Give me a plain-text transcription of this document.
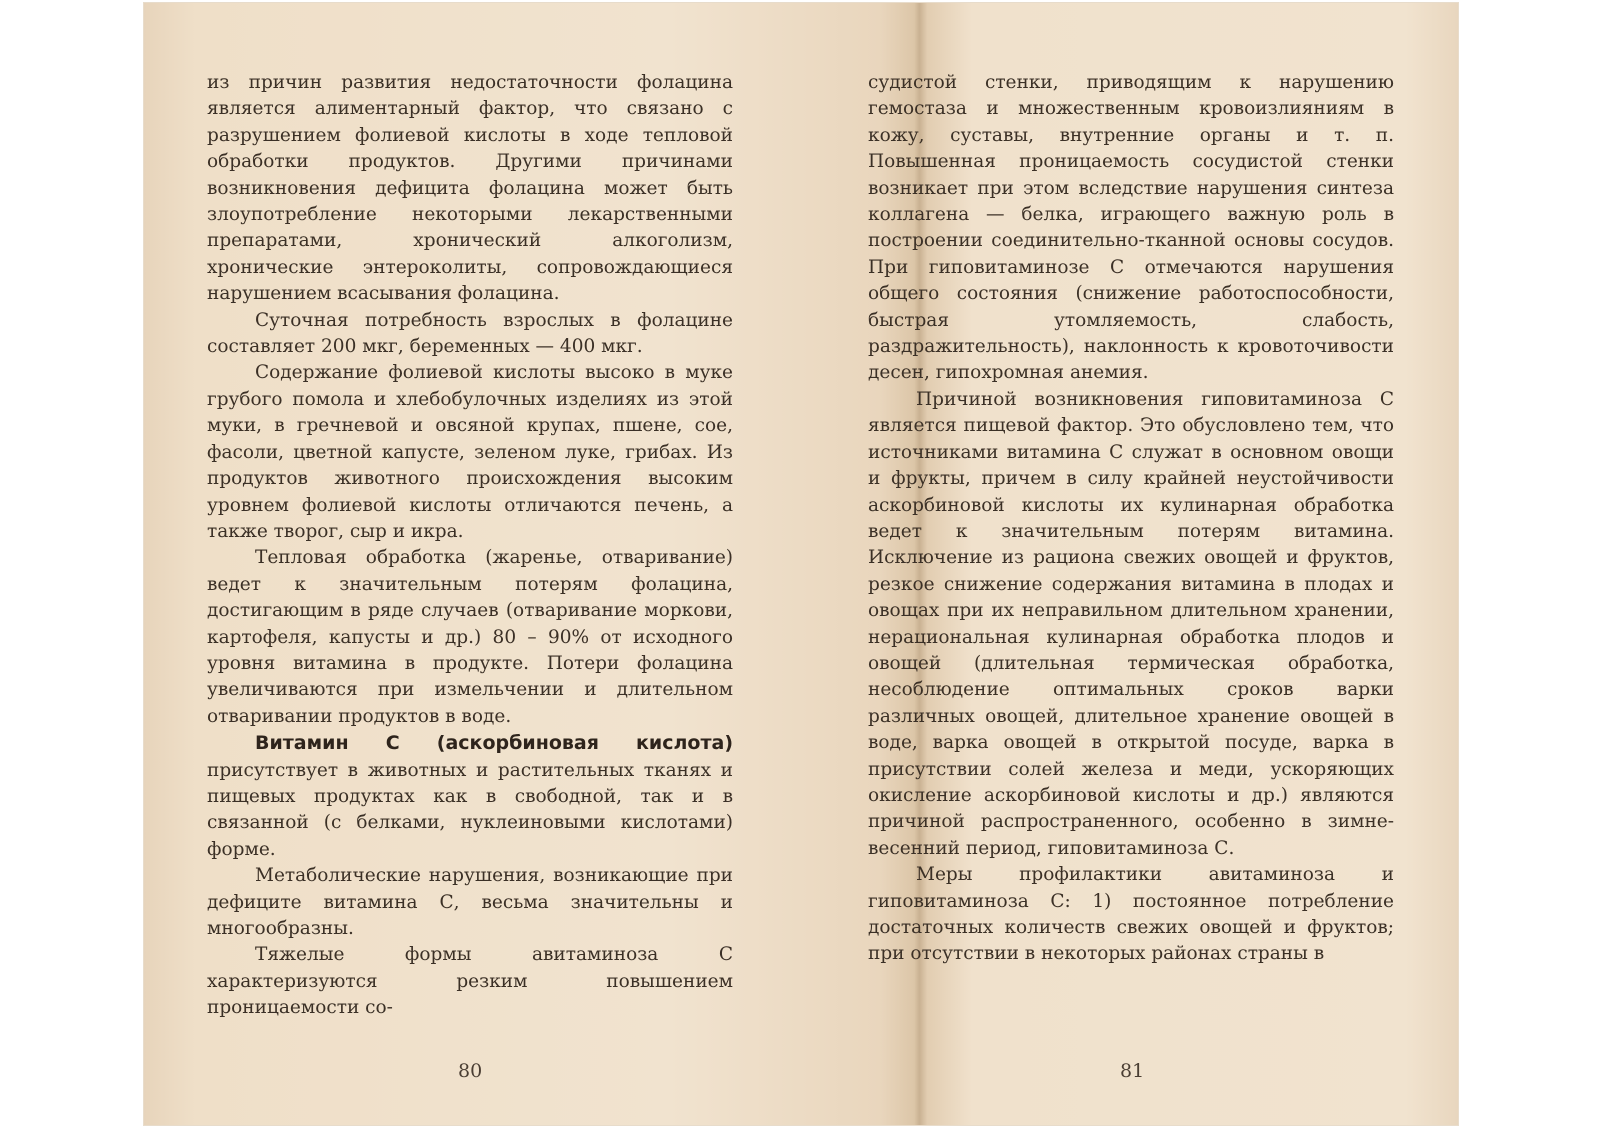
из причин развития недостаточности фолацина является алиментарный фактор, что связано с разрушением фолиевой кислоты в ходе тепловой обработки продуктов. Другими причинами возникновения дефицита фолацина может быть злоупотребление некоторыми лекарственными препаратами, хронический алкоголизм, хронические энтероколиты, сопровождающиеся нарушением всасывания фолацина.

Суточная потребность взрослых в фолацине составляет 200 мкг, беременных — 400 мкг.

Содержание фолиевой кислоты высоко в муке грубого помола и хлебобулочных изделиях из этой муки, в гречневой и овсяной крупах, пшене, сое, фасоли, цветной капусте, зеленом луке, грибах. Из продуктов животного происхождения высоким уровнем фолиевой кислоты отличаются печень, а также творог, сыр и икра.

Тепловая обработка (жаренье, отваривание) ведет к значительным потерям фолацина, достигающим в ряде случаев (отваривание моркови, картофеля, капусты и др.) 80 – 90% от исходного уровня витамина в продукте. Потери фолацина увеличиваются при измельчении и длительном отваривании продуктов в воде.

Витамин С (аскорбиновая кислота) присутствует в животных и растительных тканях и пищевых продуктах как в свободной, так и в связанной (с белками, нуклеиновыми кислотами) форме.

Метаболические нарушения, возникающие при дефиците витамина С, весьма значительны и многообразны.

Тяжелые формы авитаминоза С характеризуются резким повышением проницаемости со-

судистой стенки, приводящим к нарушению гемостаза и множественным кровоизлияниям в кожу, суставы, внутренние органы и т. п. Повышенная проницаемость сосудистой стенки возникает при этом вследствие нарушения синтеза коллагена — белка, играющего важную роль в построении соединительно-тканной основы сосудов. При гиповитаминозе С отмечаются нарушения общего состояния (снижение работоспособности, быстрая утомляемость, слабость, раздражительность), наклонность к кровоточивости десен, гипохромная анемия.

Причиной возникновения гиповитаминоза С является пищевой фактор. Это обусловлено тем, что источниками витамина С служат в основном овощи и фрукты, причем в силу крайней неустойчивости аскорбиновой кислоты их кулинарная обработка ведет к значительным потерям витамина. Исключение из рациона свежих овощей и фруктов, резкое снижение содержания витамина в плодах и овощах при их неправильном длительном хранении, нерациональная кулинарная обработка плодов и овощей (длительная термическая обработка, несоблюдение оптимальных сроков варки различных овощей, длительное хранение овощей в воде, варка овощей в открытой посуде, варка в присутствии солей железа и меди, ускоряющих окисление аскорбиновой кислоты и др.) являются причиной распространенного, особенно в зимне-весенний период, гиповитаминоза С.

Меры профилактики авитаминоза и гиповитаминоза С: 1) постоянное потребление достаточных количеств свежих овощей и фруктов; при отсутствии в некоторых районах страны в

80	81
